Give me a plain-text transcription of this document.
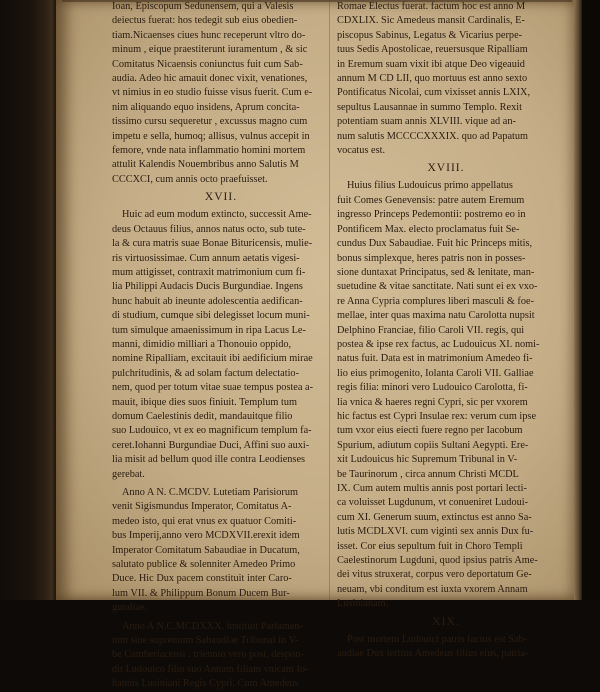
Ioan, Episcopum Sedunensem, qui a Valesis
deiectus fuerat: hos tedegit sub eius obedien-
tiam.Nicaenses ciues hunc receperunt vltro do-
minum , eique praestiterunt iuramentum , & sic
Comitatus Nicaensis coniunctus fuit cum Sab-
audia. Adeo hic amauit donec vixit, venationes,
vt nimius in eo studio fuisse visus fuerit. Cum e-
nim aliquando equo insidens, Aprum concita-
tissimo cursu sequeretur , excussus magno cum
impetu e sella, humoq; allisus, vulnus accepit in
femore, vnde nata inflammatio homini mortem
attulit Kalendis Nouembribus anno Salutis M
CCCXCI, cum annis octo praefuisset.
XVII.
Huic ad eum modum extincto, successit Ame-
deus Octauus filius, annos natus octo, sub tute-
la & cura matris suae Bonae Bituricensis, mulie-
ris virtuosissimae. Cum annum aetatis vigesi-
mum attigisset, contraxit matrimonium cum fi-
lia Philippi Audacis Ducis Burgundiae. Ingens
hunc habuit ab ineunte adolescentia aedifican-
di studium, cumque sibi delegisset locum muni-
tum simulque amaenissimum in ripa Lacus Le-
manni, dimidio milliari a Thonouio oppido,
nomine Ripalliam, excitauit ibi aedificium mirae
pulchritudinis, & ad solam factum delectatio-
nem, quod per totum vitae suae tempus postea a-
mauit, ibique dies suos finiuit. Templum tum
domum Caelestinis dedit, mandauitque filio
suo Ludouico, vt ex eo magnificum templum fa-
ceret.Iohanni Burgundiae Duci, Affini suo auxi-
lia misit ad bellum quod ille contra Leodienses
gerebat.
Anno A N. C.MCDV. Lutetiam Parisiorum
venit Sigismundus Imperator, Comitatus A-
medeo isto, qui erat vnus ex quatuor Comiti-
bus Imperij,anno vero MCDXVII.erexit idem
Imperator Comitatum Sabaudiae in Ducatum,
salutato publice & solenniter Amedeo Primo
Duce. Hic Dux pacem constituit inter Caro-
lum VII. & Philippum Bonum Ducem Bur-
gundiae.
Anno A N.C.MCDXXX. instituit Parlamen-
tum sine supremum Sabaudiae Tribunal in V-
be Camberiacensi : triennio vero post, despon-
dit Ludouico filio suo Annam filiam vnicam Io-
hannis Lusiniani Regis Cypri. Cum Amedeus
Romae Electus fuerat. factum hoc est anno M
CDXLIX. Sic Amedeus mansit Cardinalis, E-
piscopus Sabinus, Legatus & Vicarius perpe-
tuus Sedis Apostolicae, reuersusque Ripalliam
in Eremum suam vixit ibi atque Deo vigeauid
annum M CD LII, quo mortuus est anno sexto
Pontificatus Nicolai, cum vixisset annis LXIX,
sepultus Lausannae in summo Templo. Rexit
potentiam suam annis XLVIII. vique ad an-
num salutis MCCCCXXXIX. quo ad Papatum
vocatus est.
XVIII.
Huius filius Ludouicus primo appellatus
fuit Comes Genevensis: patre autem Eremum
ingresso Princeps Pedemontii: postremo eo in
Pontificem Max. electo proclamatus fuit Se-
cundus Dux Sabaudiae. Fuit hic Princeps mitis,
bonus simplexque, heres patris non in posses-
sione duntaxat Principatus, sed & lenitate, man-
suetudine & vitae sanctitate. Nati sunt ei ex vxo-
re Anna Cypria complures liberi masculi & foe-
mellae, inter quas maxima natu Carolotta nupsit
Delphino Franciae, filio Caroli VII. regis, qui
postea & ipse rex factus, ac Ludouicus XI. nomi-
natus fuit. Data est in matrimonium Amedeo fi-
lio eius primogenito, Iolanta Caroli VII. Galliae
regis filia: minori vero Ludouico Carolotta, fi-
lia vnica & haeres regni Cypri, sic per vxorem
hic factus est Cypri Insulae rex: verum cum ipse
tum vxor eius eiecti fuere regno per Iacobum
Spurium, adiutum copiis Sultani Aegypti. Ere-
xit Ludouicus hic Supremum Tribunal in V-
be Taurinorum , circa annum Christi MCDL
IX. Cum autem multis annis post portari lecti-
ca voluisset Lugdunum, vt conueniret Ludoui-
cum XI. Generum suum, extinctus est anno Sa-
lutis MCDLXVI. cum viginti sex annis Dux fu-
isset. Cor eius sepultum fuit in Choro Templi
Caelestinorum Lugduni, quod ipsius patris Ame-
dei vitus struxerat, corpus vero deportatum Ge-
neuam, vbi conditum est iuxta vxorem Annam
Lusinianam.
XIX.
Post mortem Ludouici patris factus est Sab-
audiae Dux tertius Amedeus filius eius, patria-
